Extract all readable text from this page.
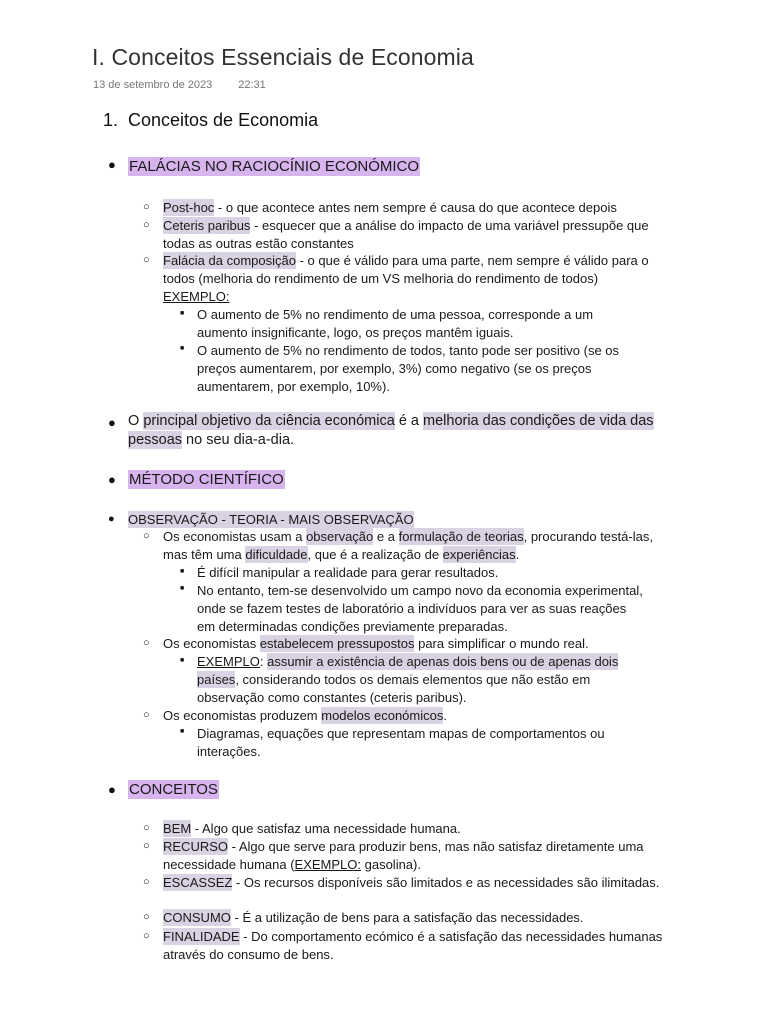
I. Conceitos Essenciais de Economia
13 de setembro de 2023 22:31
1. Conceitos de Economia
● FALÁCIAS NO RACIOCÍNIO ECONÓMICO
○ Post-hoc - o que acontece antes nem sempre é causa do que acontece depois
○ Ceteris paribus - esquecer que a análise do impacto de uma variável pressupõe que todas as outras estão constantes
○ Falácia da composição - o que é válido para uma parte, nem sempre é válido para o todos (melhoria do rendimento de um VS melhoria do rendimento de todos)
EXEMPLO:
■ O aumento de 5% no rendimento de uma pessoa, corresponde a um aumento insignificante, logo, os preços mantêm iguais.
■ O aumento de 5% no rendimento de todos, tanto pode ser positivo (se os preços aumentarem, por exemplo, 3%) como negativo (se os preços aumentarem, por exemplo, 10%).
● O principal objetivo da ciência económica é a melhoria das condições de vida das pessoas no seu dia-a-dia.
● MÉTODO CIENTÍFICO
● OBSERVAÇÃO - TEORIA - MAIS OBSERVAÇÃO
○ Os economistas usam a observação e a formulação de teorias, procurando testá-las, mas têm uma dificuldade, que é a realização de experiências.
■ É difícil manipular a realidade para gerar resultados.
■ No entanto, tem-se desenvolvido um campo novo da economia experimental, onde se fazem testes de laboratório a indivíduos para ver as suas reações em determinadas condições previamente preparadas.
○ Os economistas estabelecem pressupostos para simplificar o mundo real.
■ EXEMPLO: assumir a existência de apenas dois bens ou de apenas dois países, considerando todos os demais elementos que não estão em observação como constantes (ceteris paribus).
○ Os economistas produzem modelos económicos.
■ Diagramas, equações que representam mapas de comportamentos ou interações.
● CONCEITOS
○ BEM - Algo que satisfaz uma necessidade humana.
○ RECURSO - Algo que serve para produzir bens, mas não satisfaz diretamente uma necessidade humana (EXEMPLO: gasolina).
○ ESCASSEZ - Os recursos disponíveis são limitados e as necessidades são ilimitadas.
○ CONSUMO - É a utilização de bens para a satisfação das necessidades.
○ FINALIDADE - Do comportamento ecómico é a satisfação das necessidades humanas através do consumo de bens.
